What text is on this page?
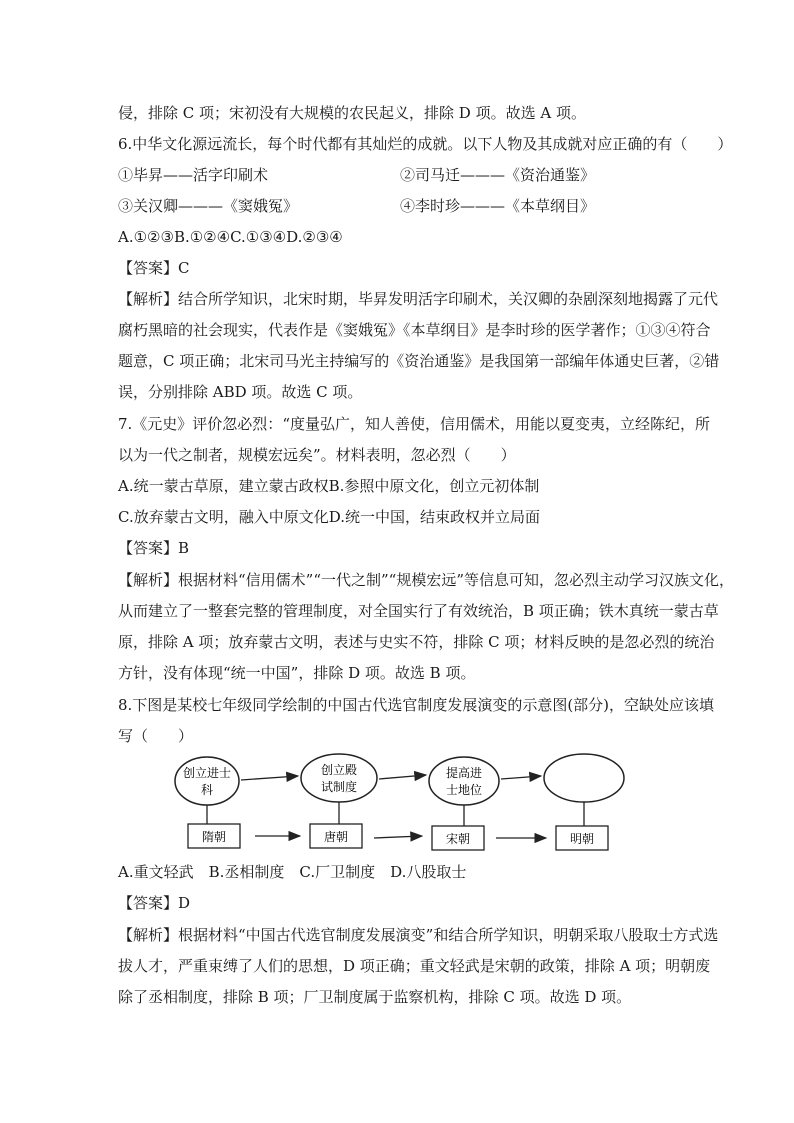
侵，排除 C 项；宋初没有大规模的农民起义，排除 D 项。故选 A 项。
6.中华文化源远流长，每个时代都有其灿烂的成就。以下人物及其成就对应正确的有（　　）
①毕昇——活字印刷术	②司马迁———《资治通鉴》
③关汉卿———《窦娥冤》	④李时珍———《本草纲目》
A.①②③B.①②④C.①③④D.②③④
【答案】C
【解析】结合所学知识，北宋时期，毕昇发明活字印刷术，关汉卿的杂剧深刻地揭露了元代
腐朽黑暗的社会现实，代表作是《窦娥冤》《本草纲目》是李时珍的医学著作；①③④符合
题意，C 项正确；北宋司马光主持编写的《资治通鉴》是我国第一部编年体通史巨著，②错
误，分别排除 ABD 项。故选 C 项。
7.《元史》评价忽必烈：“度量弘广，知人善使，信用儒术，用能以夏变夷，立经陈纪，所
以为一代之制者，规模宏远矣”。材料表明，忽必烈（　　）
A.统一蒙古草原，建立蒙古政权B.参照中原文化，创立元初体制
C.放弃蒙古文明，融入中原文化D.统一中国，结束政权并立局面
【答案】B
【解析】根据材料“信用儒术”“一代之制”“规模宏远”等信息可知，忽必烈主动学习汉族文化，
从而建立了一整套完整的管理制度，对全国实行了有效统治，B 项正确；铁木真统一蒙古草
原，排除 A 项；放弃蒙古文明，表述与史实不符，排除 C 项；材料反映的是忽必烈的统治
方针，没有体现“统一中国”，排除 D 项。故选 B 项。
8.下图是某校七年级同学绘制的中国古代选官制度发展演变的示意图(部分)，空缺处应该填
写（　　）
创立进士
科
创立殿
试制度
提高进
士地位
隋朝	唐朝	宋朝	明朝
A.重文轻武　B.丞相制度　C.厂卫制度　D.八股取士
【答案】D
【解析】根据材料“中国古代选官制度发展演变”和结合所学知识，明朝采取八股取士方式选
拔人才，严重束缚了人们的思想，D 项正确；重文轻武是宋朝的政策，排除 A 项；明朝废
除了丞相制度，排除 B 项；厂卫制度属于监察机构，排除 C 项。故选 D 项。
